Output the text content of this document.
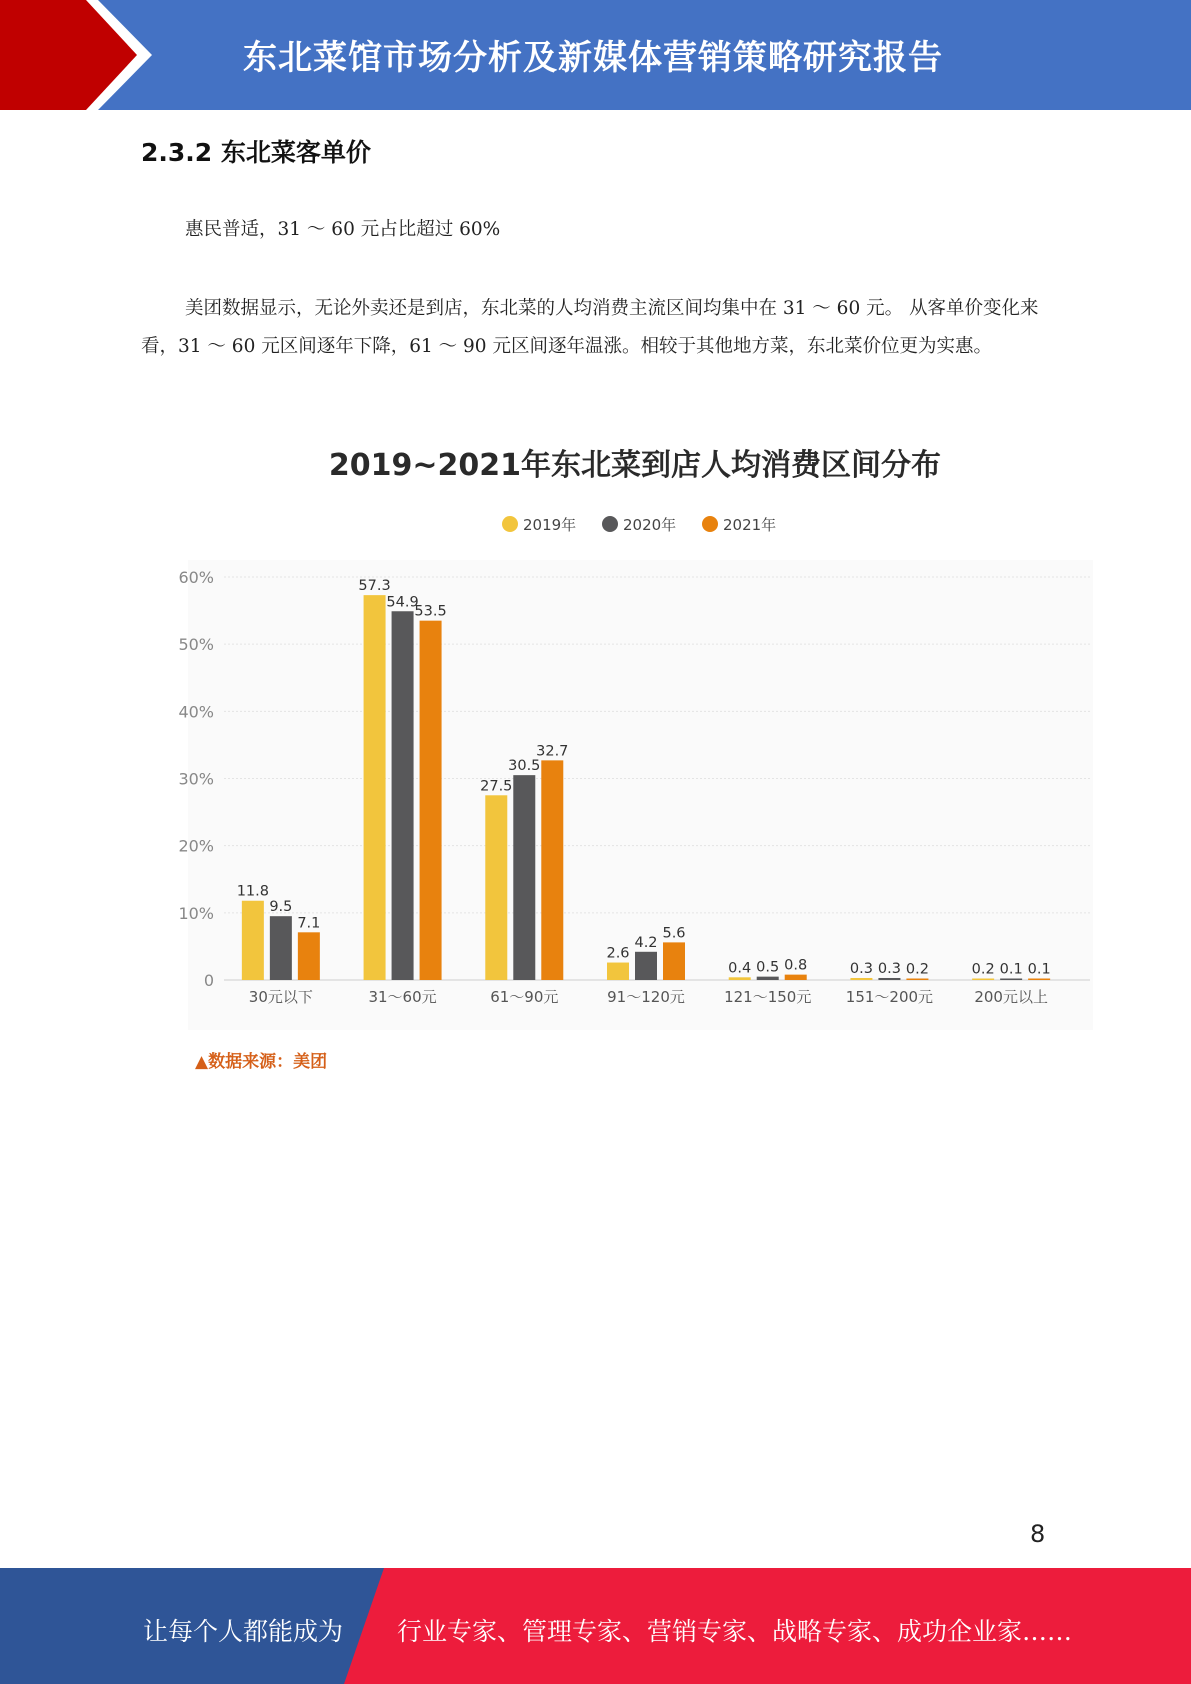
东北菜馆市场分析及新媒体营销策略研究报告
2.3.2 东北菜客单价

惠民普适，31 ～ 60 元占比超过 60%

美团数据显示，无论外卖还是到店，东北菜的人均消费主流区间均集中在 31 ～ 60 元。 从客单价变化来看，31 ～ 60 元区间逐年下降，61 ～ 90 元区间逐年温涨。相较于其他地方菜，东北菜价位更为实惠。

2019~2021年东北菜到店人均消费区间分布
2019年	2020年	2021年
0
10%
20%
30%
40%
50%
60%
11.8
9.5
7.1
30元以下
57.3
54.9
53.5
31～60元
27.5
30.5
32.7
61～90元
2.6
4.2
5.6
91～120元
0.4 0.5 0.8
121～150元
0.3 0.3 0.2
151～200元
0.2 0.1 0.1
200元以上
▲数据来源：美团
8
让每个人都能成为 行业专家、管理专家、营销专家、战略专家、成功企业家……
